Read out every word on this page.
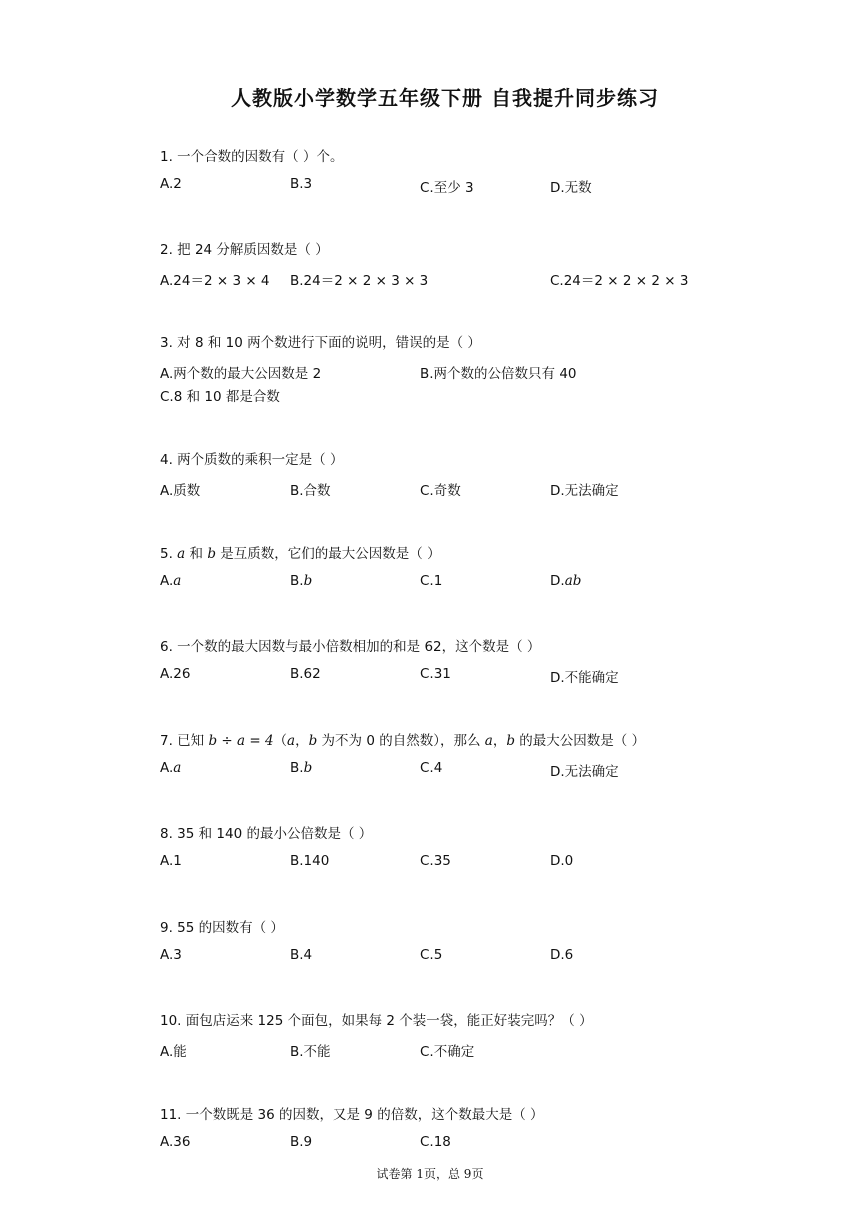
人教版小学数学五年级下册 自我提升同步练习
1. 一个合数的因数有（ ）个。
A.2	B.3	C.至少 3	D.无数
2. 把 24 分解质因数是（ ）
A.24＝2 × 3 × 4 B.24＝2 × 2 × 3 × 3	C.24＝2 × 2 × 2 × 3
3. 对 8 和 10 两个数进行下面的说明，错误的是（ ）
A.两个数的最大公因数是 2	B.两个数的公倍数只有 40
C.8 和 10 都是合数
4. 两个质数的乘积一定是（ ）
A.质数	B.合数	C.奇数	D.无法确定
5. a 和 b 是互质数，它们的最大公因数是（ ）
A.a	B.b	C.1	D.ab
6. 一个数的最大因数与最小倍数相加的和是 62，这个数是（ ）
A.26	B.62	C.31	D.不能确定
7. 已知 b ÷ a = 4（a，b 为不为 0 的自然数），那么 a，b 的最大公因数是（ ）
A.a	B.b	C.4	D.无法确定
8. 35 和 140 的最小公倍数是（ ）
A.1	B.140	C.35	D.0
9. 55 的因数有（ ）
A.3	B.4	C.5	D.6
10. 面包店运来 125 个面包，如果每 2 个装一袋，能正好装完吗？（ ）
A.能	B.不能	C.不确定
11. 一个数既是 36 的因数，又是 9 的倍数，这个数最大是（ ）
A.36	B.9	C.18
试卷第 1页，总 9页
